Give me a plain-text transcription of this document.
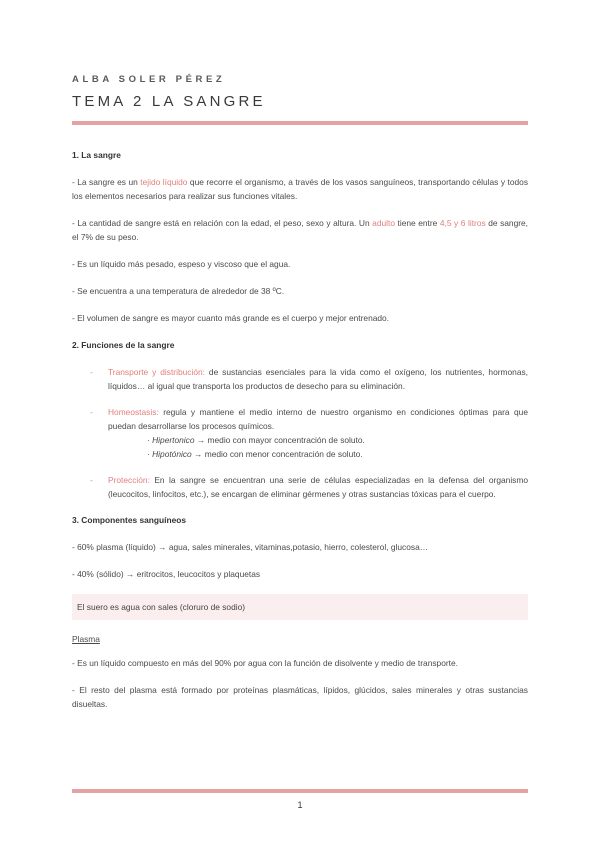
ALBA SOLER PÉREZ
TEMA 2 LA SANGRE
1. La sangre

- La sangre es un tejido líquido que recorre el organismo, a través de los vasos sanguíneos, transportando células y todos los elementos necesarios para realizar sus funciones vitales.

- La cantidad de sangre está en relación con la edad, el peso, sexo y altura. Un adulto tiene entre 4,5 y 6 litros de sangre, el 7% de su peso.

- Es un líquido más pesado, espeso y viscoso que el agua.

- Se encuentra a una temperatura de alrededor de 38 ºC.

- El volumen de sangre es mayor cuanto más grande es el cuerpo y mejor entrenado.

2. Funciones de la sangre
- Transporte y distribución: de sustancias esenciales para la vida como el oxígeno, los nutrientes, hormonas, líquidos… al igual que transporta los productos de desecho para su eliminación.
- Homeostasis: regula y mantiene el medio interno de nuestro organismo en condiciones óptimas para que puedan desarrollarse los procesos químicos.
· Hipertonico → medio con mayor concentración de soluto.
· Hipotónico → medio con menor concentración de soluto.
- Protección: En la sangre se encuentran una serie de células especializadas en la defensa del organismo (leucocitos, linfocitos, etc.), se encargan de eliminar gérmenes y otras sustancias tóxicas para el cuerpo.
3. Componentes sanguíneos

- 60% plasma (líquido) → agua, sales minerales, vitaminas,potasio, hierro, colesterol, glucosa…

- 40% (sólido) → eritrocitos, leucocitos y plaquetas

El suero es agua con sales (cloruro de sodio)
Plasma

- Es un líquido compuesto en más del 90% por agua con la función de disolvente y medio de transporte.

- El resto del plasma está formado por proteínas plasmáticas, lípidos, glúcidos, sales minerales y otras sustancias disueltas.

1
